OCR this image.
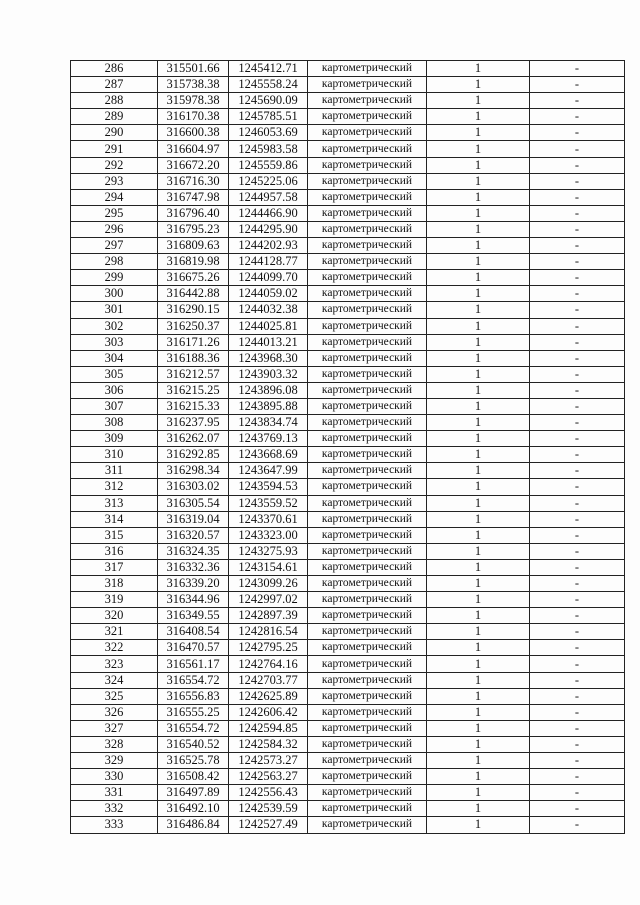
286	315501.66	1245412.71	картометрический	1	-
287	315738.38	1245558.24	картометрический	1	-
288	315978.38	1245690.09	картометрический	1	-
289	316170.38	1245785.51	картометрический	1	-
290	316600.38	1246053.69	картометрический	1	-
291	316604.97	1245983.58	картометрический	1	-
292	316672.20	1245559.86	картометрический	1	-
293	316716.30	1245225.06	картометрический	1	-
294	316747.98	1244957.58	картометрический	1	-
295	316796.40	1244466.90	картометрический	1	-
296	316795.23	1244295.90	картометрический	1	-
297	316809.63	1244202.93	картометрический	1	-
298	316819.98	1244128.77	картометрический	1	-
299	316675.26	1244099.70	картометрический	1	-
300	316442.88	1244059.02	картометрический	1	-
301	316290.15	1244032.38	картометрический	1	-
302	316250.37	1244025.81	картометрический	1	-
303	316171.26	1244013.21	картометрический	1	-
304	316188.36	1243968.30	картометрический	1	-
305	316212.57	1243903.32	картометрический	1	-
306	316215.25	1243896.08	картометрический	1	-
307	316215.33	1243895.88	картометрический	1	-
308	316237.95	1243834.74	картометрический	1	-
309	316262.07	1243769.13	картометрический	1	-
310	316292.85	1243668.69	картометрический	1	-
311	316298.34	1243647.99	картометрический	1	-
312	316303.02	1243594.53	картометрический	1	-
313	316305.54	1243559.52	картометрический	1	-
314	316319.04	1243370.61	картометрический	1	-
315	316320.57	1243323.00	картометрический	1	-
316	316324.35	1243275.93	картометрический	1	-
317	316332.36	1243154.61	картометрический	1	-
318	316339.20	1243099.26	картометрический	1	-
319	316344.96	1242997.02	картометрический	1	-
320	316349.55	1242897.39	картометрический	1	-
321	316408.54	1242816.54	картометрический	1	-
322	316470.57	1242795.25	картометрический	1	-
323	316561.17	1242764.16	картометрический	1	-
324	316554.72	1242703.77	картометрический	1	-
325	316556.83	1242625.89	картометрический	1	-
326	316555.25	1242606.42	картометрический	1	-
327	316554.72	1242594.85	картометрический	1	-
328	316540.52	1242584.32	картометрический	1	-
329	316525.78	1242573.27	картометрический	1	-
330	316508.42	1242563.27	картометрический	1	-
331	316497.89	1242556.43	картометрический	1	-
332	316492.10	1242539.59	картометрический	1	-
333	316486.84	1242527.49	картометрический	1	-
